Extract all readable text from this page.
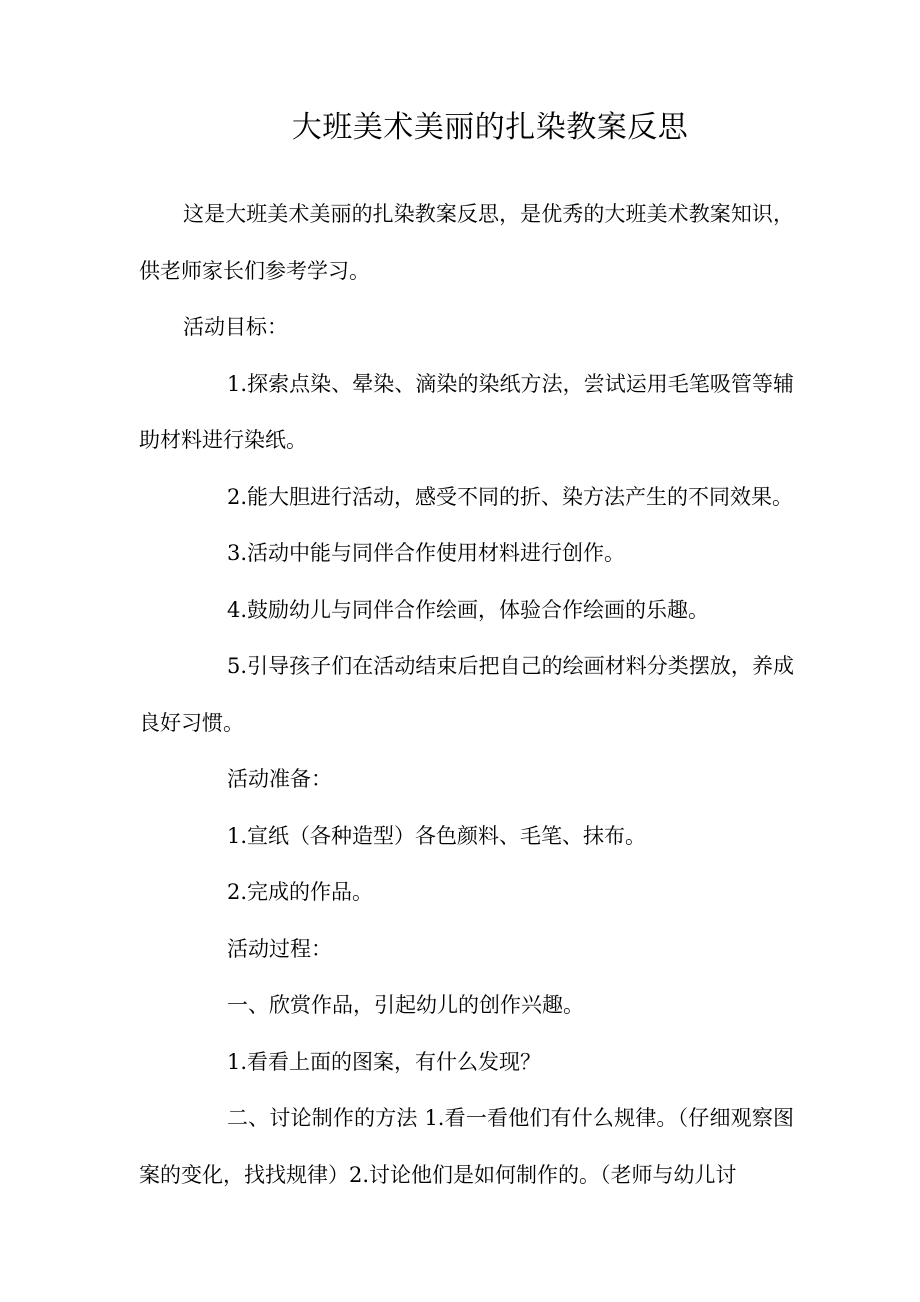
大班美术美丽的扎染教案反思

这是大班美术美丽的扎染教案反思，是优秀的大班美术教案知识，供老师家长们参考学习。

活动目标：

1.探索点染、晕染、滴染的染纸方法，尝试运用毛笔吸管等辅助材料进行染纸。

2.能大胆进行活动，感受不同的折、染方法产生的不同效果。

3.活动中能与同伴合作使用材料进行创作。

4.鼓励幼儿与同伴合作绘画，体验合作绘画的乐趣。

5.引导孩子们在活动结束后把自己的绘画材料分类摆放，养成良好习惯。

活动准备：

1.宣纸（各种造型）各色颜料、毛笔、抹布。

2.完成的作品。

活动过程：

一、欣赏作品，引起幼儿的创作兴趣。

1.看看上面的图案，有什么发现？

二、讨论制作的方法 1.看一看他们有什么规律。（仔细观察图案的变化，找找规律）2.讨论他们是如何制作的。（老师与幼儿讨
